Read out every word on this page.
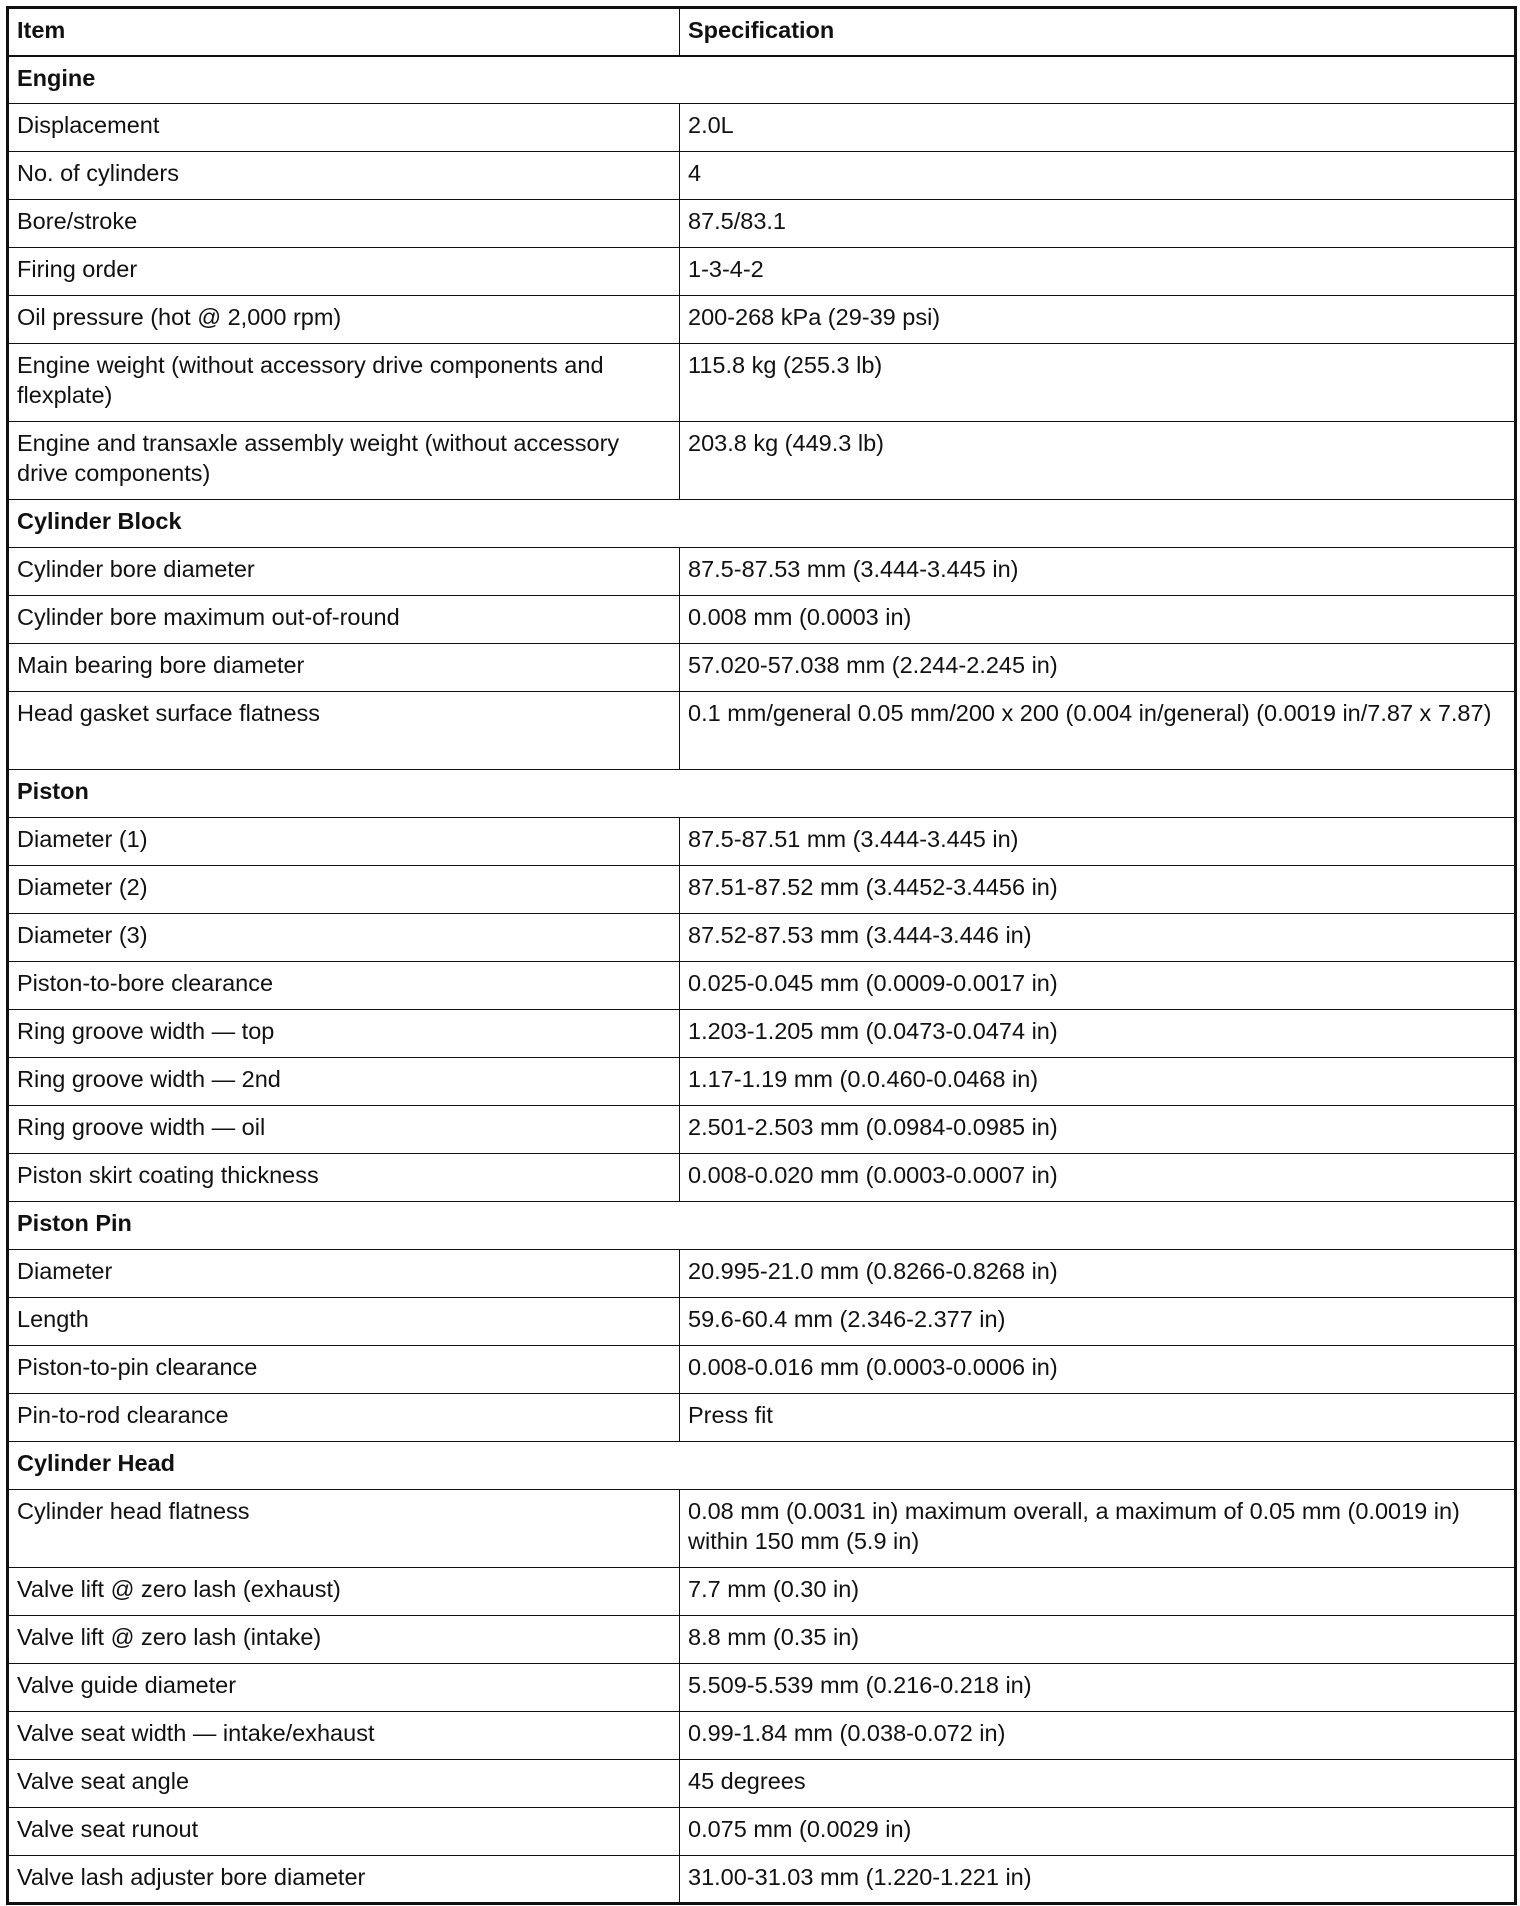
Item	Specification
Engine	
Displacement	2.0L
No. of cylinders	4
Bore/stroke	87.5/83.1
Firing order	1-3-4-2
Oil pressure (hot @ 2,000 rpm)	200-268 kPa (29-39 psi)
Engine weight (without accessory drive components and flexplate)	115.8 kg (255.3 lb)
Engine and transaxle assembly weight (without accessory drive components)	203.8 kg (449.3 lb)
Cylinder Block	
Cylinder bore diameter	87.5-87.53 mm (3.444-3.445 in)
Cylinder bore maximum out-of-round	0.008 mm (0.0003 in)
Main bearing bore diameter	57.020-57.038 mm (2.244-2.245 in)
Head gasket surface flatness	0.1 mm/general 0.05 mm/200 x 200 (0.004 in/general) (0.0019 in/7.87 x 7.87)
Piston	
Diameter (1)	87.5-87.51 mm (3.444-3.445 in)
Diameter (2)	87.51-87.52 mm (3.4452-3.4456 in)
Diameter (3)	87.52-87.53 mm (3.444-3.446 in)
Piston-to-bore clearance	0.025-0.045 mm (0.0009-0.0017 in)
Ring groove width — top	1.203-1.205 mm (0.0473-0.0474 in)
Ring groove width — 2nd	1.17-1.19 mm (0.0.460-0.0468 in)
Ring groove width — oil	2.501-2.503 mm (0.0984-0.0985 in)
Piston skirt coating thickness	0.008-0.020 mm (0.0003-0.0007 in)
Piston Pin	
Diameter	20.995-21.0 mm (0.8266-0.8268 in)
Length	59.6-60.4 mm (2.346-2.377 in)
Piston-to-pin clearance	0.008-0.016 mm (0.0003-0.0006 in)
Pin-to-rod clearance	Press fit
Cylinder Head	
Cylinder head flatness	0.08 mm (0.0031 in) maximum overall, a maximum of 0.05 mm (0.0019 in) within 150 mm (5.9 in)
Valve lift @ zero lash (exhaust)	7.7 mm (0.30 in)
Valve lift @ zero lash (intake)	8.8 mm (0.35 in)
Valve guide diameter	5.509-5.539 mm (0.216-0.218 in)
Valve seat width — intake/exhaust	0.99-1.84 mm (0.038-0.072 in)
Valve seat angle	45 degrees
Valve seat runout	0.075 mm (0.0029 in)
Valve lash adjuster bore diameter	31.00-31.03 mm (1.220-1.221 in)
